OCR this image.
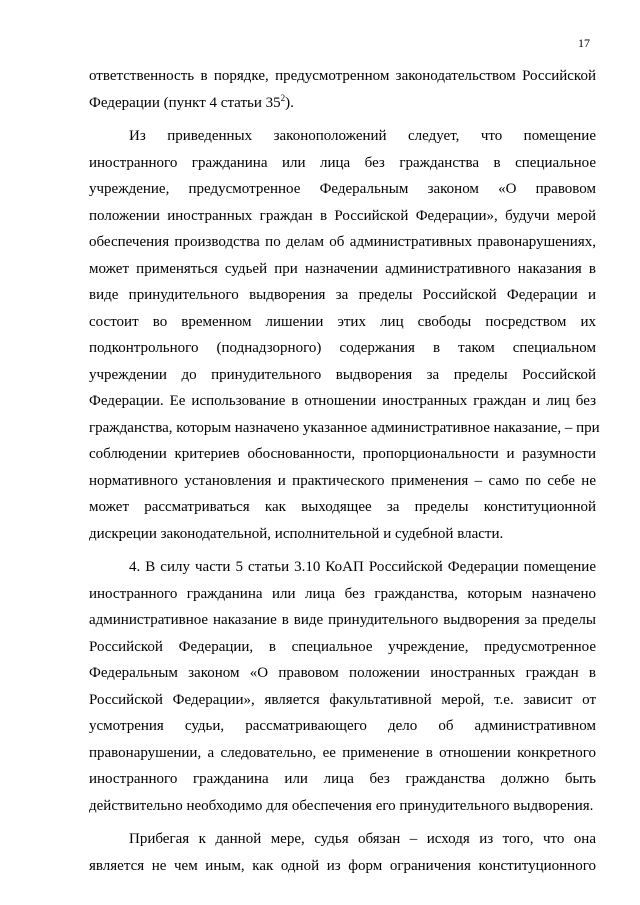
17
ответственность в порядке, предусмотренном законодательством Российской
Федерации (пункт 4 статьи $35^2$).
Из приведенных законоположений следует, что помещение
иностранного гражданина или лица без гражданства в специальное
учреждение, предусмотренное Федеральным законом «О правовом
положении иностранных граждан в Российской Федерации», будучи мерой
обеспечения производства по делам об административных правонарушениях,
может применяться судьей при назначении административного наказания в
виде принудительного выдворения за пределы Российской Федерации и
состоит во временном лишении этих лиц свободы посредством их
подконтрольного (поднадзорного) содержания в таком специальном
учреждении до принудительного выдворения за пределы Российской
Федерации. Ее использование в отношении иностранных граждан и лиц без
гражданства, которым назначено указанное административное наказание, – при
соблюдении критериев обоснованности, пропорциональности и разумности
нормативного установления и практического применения – само по себе не
может рассматриваться как выходящее за пределы конституционной
дискреции законодательной, исполнительной и судебной власти.
4. В силу части 5 статьи 3.10 КоАП Российской Федерации помещение
иностранного гражданина или лица без гражданства, которым назначено
административное наказание в виде принудительного выдворения за пределы
Российской Федерации, в специальное учреждение, предусмотренное
Федеральным законом «О правовом положении иностранных граждан в
Российской Федерации», является факультативной мерой, т.е. зависит от
усмотрения судьи, рассматривающего дело об административном
правонарушении, а следовательно, ее применение в отношении конкретного
иностранного гражданина или лица без гражданства должно быть
действительно необходимо для обеспечения его принудительного выдворения.
Прибегая к данной мере, судья обязан – исходя из того, что она
является не чем иным, как одной из форм ограничения конституционного
